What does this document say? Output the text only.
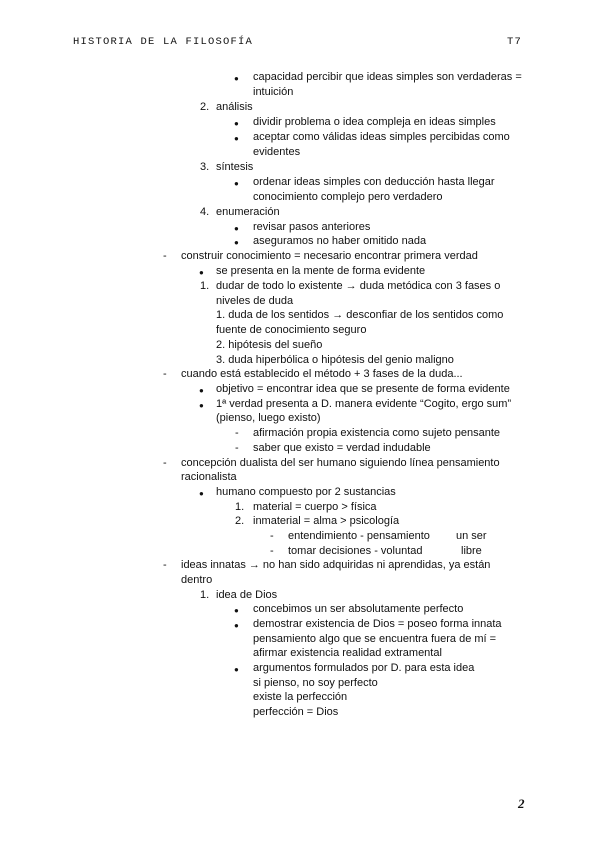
HISTORIA DE LA FILOSOFÍA	T7
●
2.
●
●
3.
●
4.
●
●
-
●
1.
-
●
●
-
-
-
●
1.
2.
-
-
-
1.
●
●
●
capacidad percibir que ideas simples son verdaderas =
intuición
análisis
dividir problema o idea compleja en ideas simples
aceptar como válidas ideas simples percibidas como
evidentes
síntesis
ordenar ideas simples con deducción hasta llegar
conocimiento complejo pero verdadero
enumeración
revisar pasos anteriores
aseguramos no haber omitido nada
construir conocimiento = necesario encontrar primera verdad
se presenta en la mente de forma evidente
dudar de todo lo existente → duda metódica con 3 fases o
niveles de duda
1. duda de los sentidos → desconfiar de los sentidos como
fuente de conocimiento seguro
2. hipótesis del sueño
3. duda hiperbólica o hipótesis del genio maligno
cuando está establecido el método + 3 fases de la duda...
objetivo = encontrar idea que se presente de forma evidente
1ª verdad presenta a D. manera evidente “Cogito, ergo sum”
(pienso, luego existo)
afirmación propia existencia como sujeto pensante
saber que existo = verdad indudable
concepción dualista del ser humano siguiendo línea pensamiento
racionalista
humano compuesto por 2 sustancias
material = cuerpo > física
inmaterial = alma > psicología
entendimiento - pensamiento un ser
tomar decisiones - voluntad	libre
ideas innatas → no han sido adquiridas ni aprendidas, ya están
dentro
idea de Dios
concebimos un ser absolutamente perfecto
demostrar existencia de Dios = poseo forma innata
pensamiento algo que se encuentra fuera de mí =
afirmar existencia realidad extramental
argumentos formulados por D. para esta idea
si pienso, no soy perfecto
existe la perfección
perfección = Dios
2
